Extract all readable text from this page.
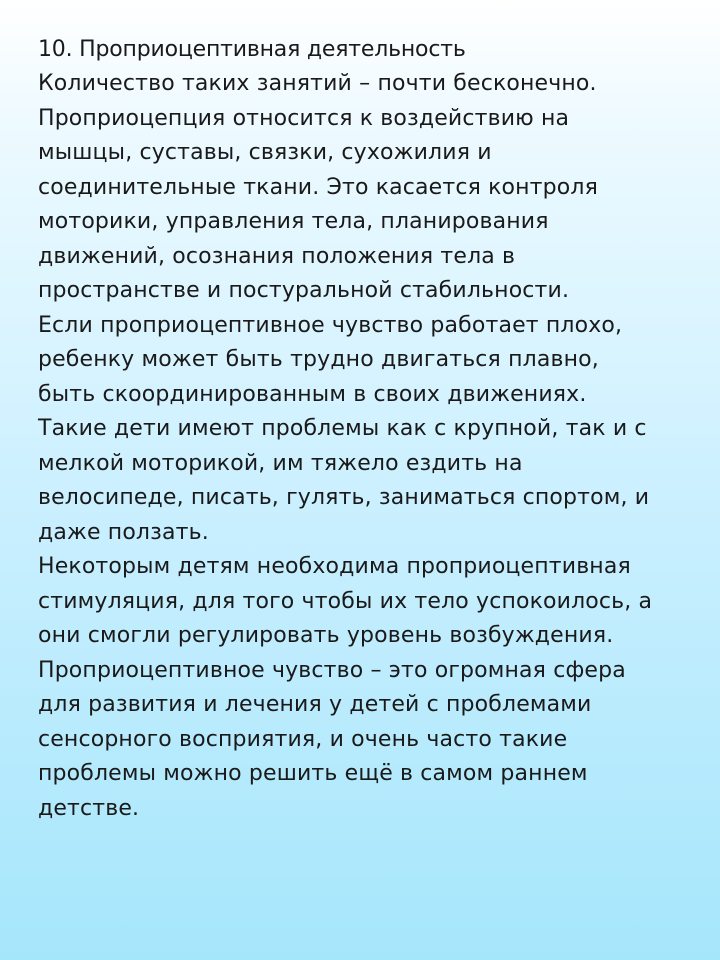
10. Проприоцептивная деятельность

Количество таких занятий – почти бесконечно.

Проприоцепция относится к воздействию на

мышцы, суставы, связки, сухожилия и

соединительные ткани. Это касается контроля

моторики, управления тела, планирования

движений, осознания положения тела в

пространстве и постуральной стабильности.

Если проприоцептивное чувство работает плохо,

ребенку может быть трудно двигаться плавно,

быть скоординированным в своих движениях.

Такие дети имеют проблемы как с крупной, так и с

мелкой моторикой, им тяжело ездить на

велосипеде, писать, гулять, заниматься спортом, и

даже ползать.

Некоторым детям необходима проприоцептивная

стимуляция, для того чтобы их тело успокоилось, а

они смогли регулировать уровень возбуждения.

Проприоцептивное чувство – это огромная сфера

для развития и лечения у детей с проблемами

сенсорного восприятия, и очень часто такие

проблемы можно решить ещё в самом раннем

детстве.
